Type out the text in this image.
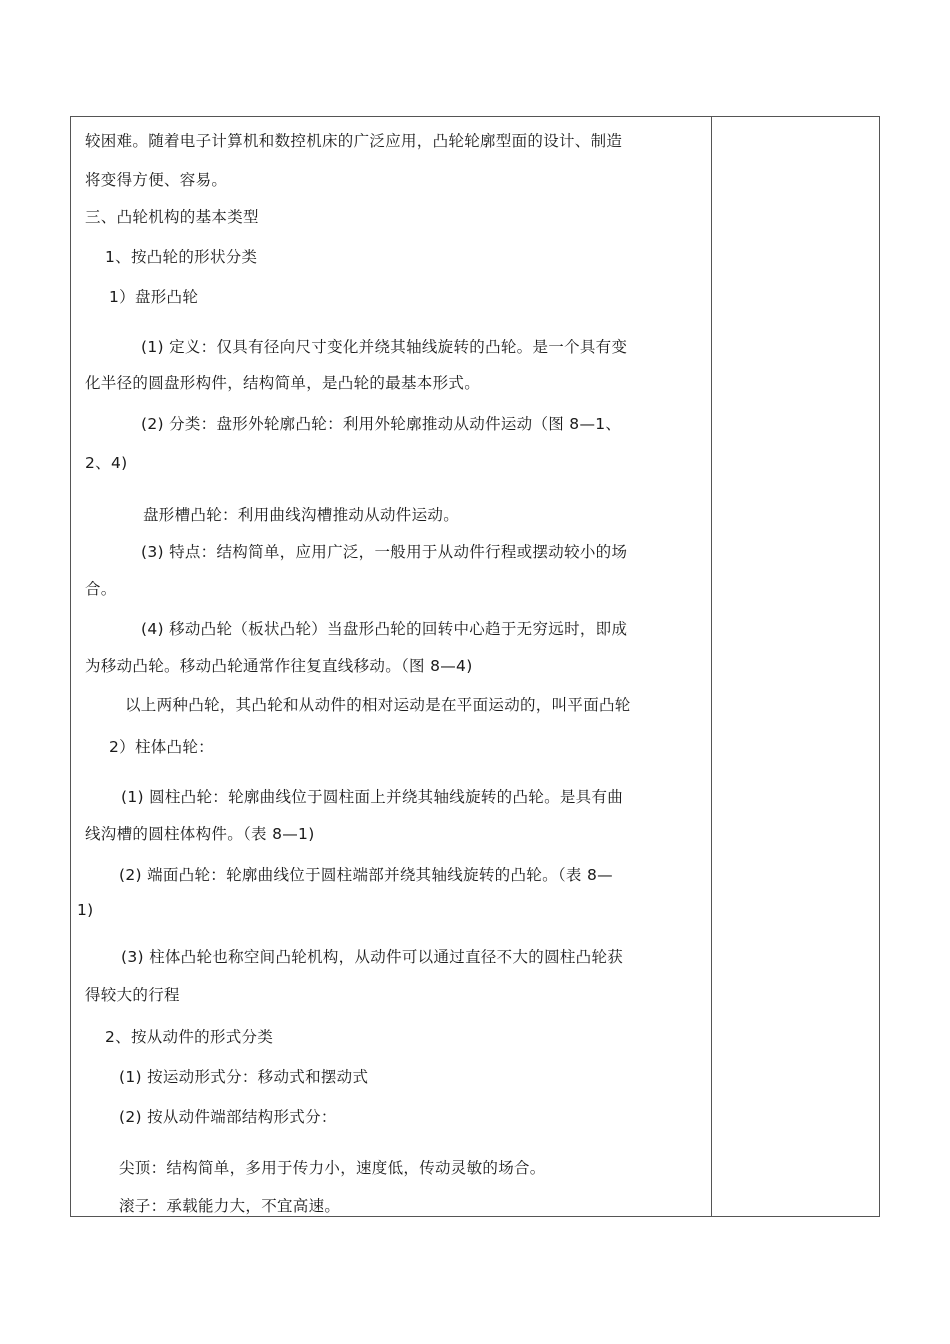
较困难。随着电子计算机和数控机床的广泛应用，凸轮轮廓型面的设计、制造
将变得方便、容易。
三、凸轮机构的基本类型
1、按凸轮的形状分类
1）盘形凸轮
(1) 定义：仅具有径向尺寸变化并绕其轴线旋转的凸轮。是一个具有变
化半径的圆盘形构件，结构简单，是凸轮的最基本形式。
(2) 分类：盘形外轮廓凸轮：利用外轮廓推动从动件运动（图 8—1、
2、4)
盘形槽凸轮：利用曲线沟槽推动从动件运动。
(3) 特点：结构简单，应用广泛，一般用于从动件行程或摆动较小的场
合。
(4) 移动凸轮（板状凸轮）当盘形凸轮的回转中心趋于无穷远时，即成
为移动凸轮。移动凸轮通常作往复直线移动。（图 8—4)
以上两种凸轮，其凸轮和从动件的相对运动是在平面运动的，叫平面凸轮
2）柱体凸轮：
(1) 圆柱凸轮：轮廓曲线位于圆柱面上并绕其轴线旋转的凸轮。是具有曲
线沟槽的圆柱体构件。（表 8—1)
(2) 端面凸轮：轮廓曲线位于圆柱端部并绕其轴线旋转的凸轮。（表 8—
1)
(3) 柱体凸轮也称空间凸轮机构，从动件可以通过直径不大的圆柱凸轮获
得较大的行程
2、按从动件的形式分类
(1) 按运动形式分：移动式和摆动式
(2) 按从动件端部结构形式分：
尖顶：结构简单，多用于传力小，速度低，传动灵敏的场合。
滚子：承载能力大，不宜高速。
